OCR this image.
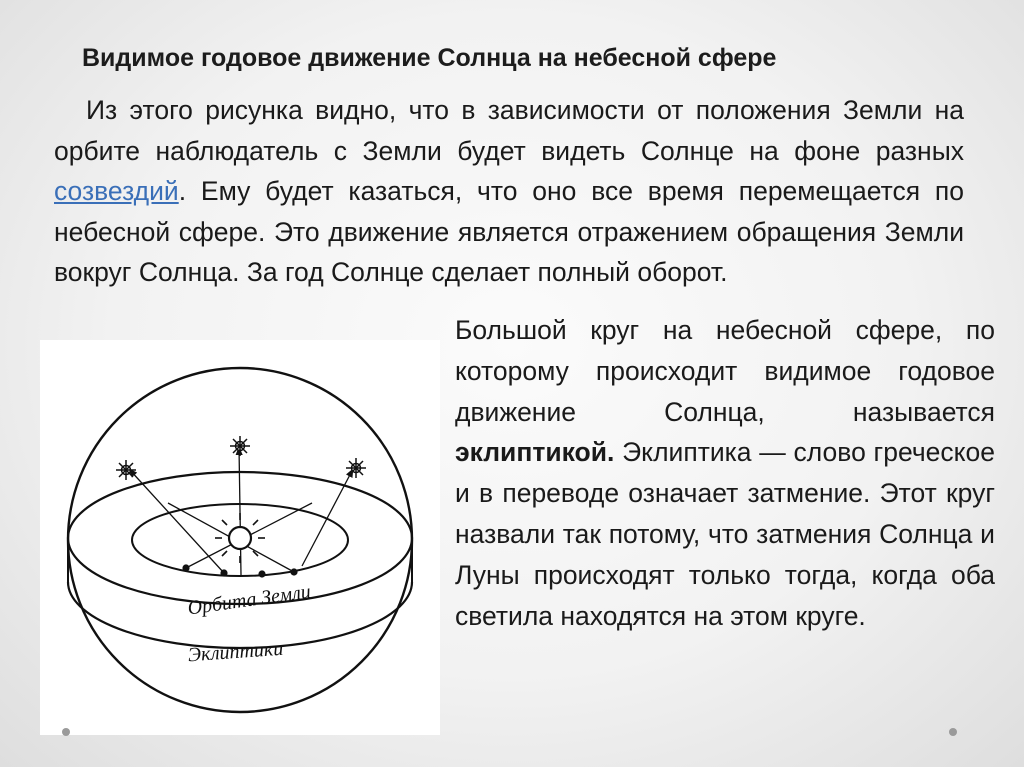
Видимое годовое движение Солнца на небесной сфере
Из этого рисунка видно, что в зависимости от положения Земли на орбите наблюдатель с Земли будет видеть Солнце на фоне разных созвездий. Ему будет казаться, что оно все время перемещается по небесной сфере. Это движение является отражением обращения Земли вокруг Солнца. За год Солнце сделает полный оборот.
Орбита Земли
Эклиптики
Большой круг на небесной сфере, по которому происходит видимое годовое движение Солнца, называется эклиптикой. Эклиптика — слово греческое и в переводе означает затмение. Этот круг назвали так потому, что затмения Солнца и Луны происходят только тогда, когда оба светила находятся на этом круге.
